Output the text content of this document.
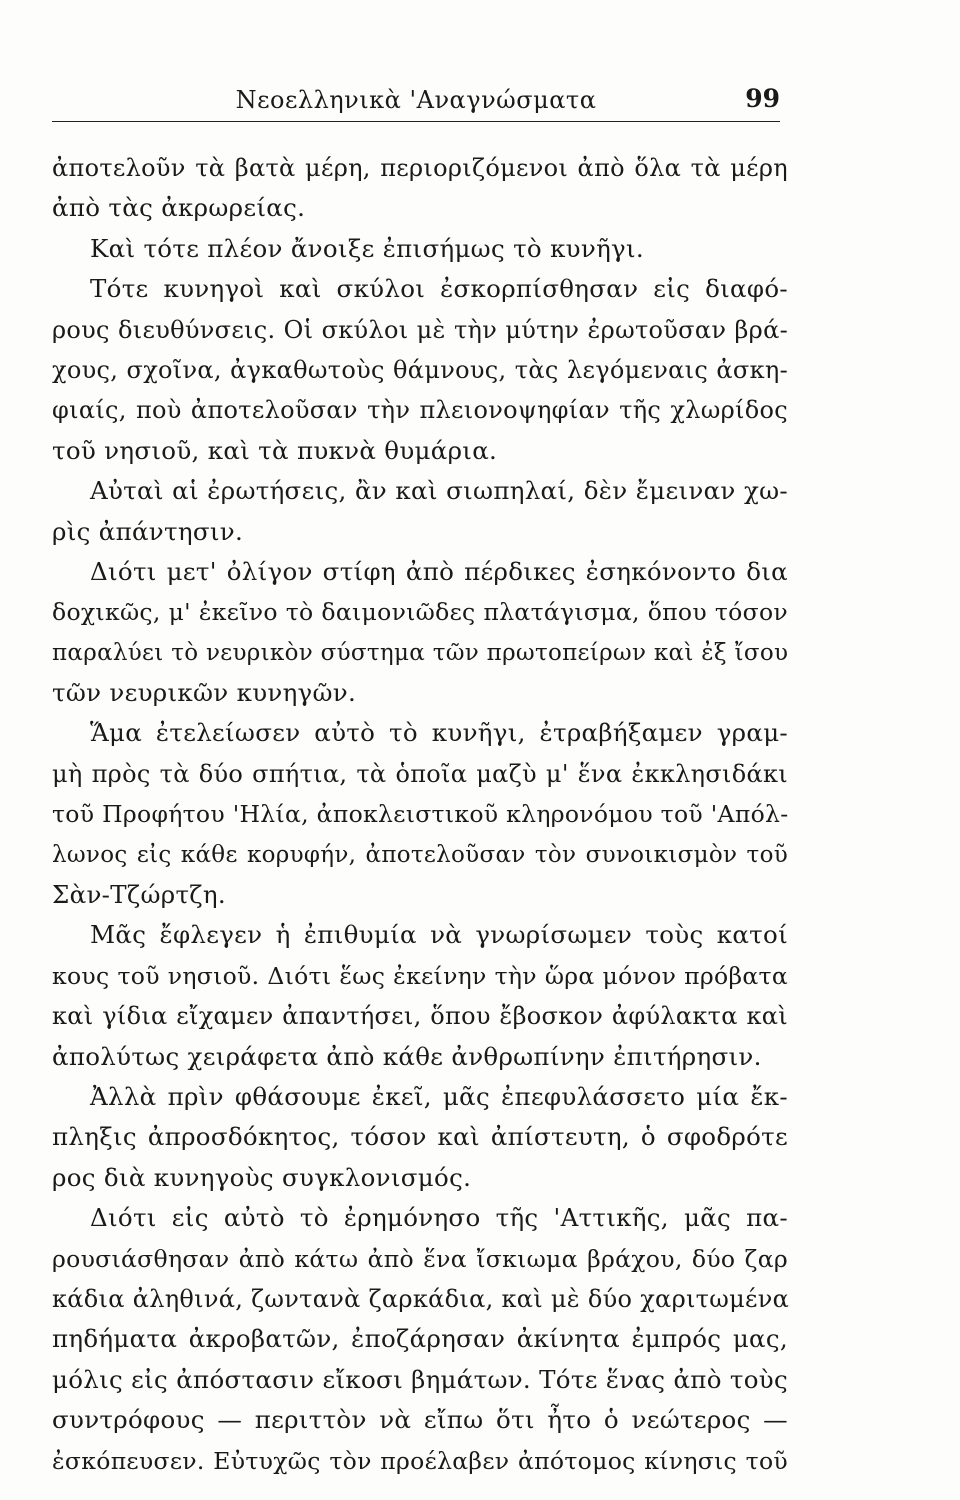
Νεοελληνικὰ 'Αναγνώσματα	99
ἀποτελοῦν τὰ βατὰ μέρη, περιοριζόμενοι ἀπὸ ὅλα τὰ μέρη
ἀπὸ τὰς ἀκρωρείας.
Καὶ τότε πλέον ἄνοιξε ἐπισήμως τὸ κυνῆγι.
Τότε κυνηγοὶ καὶ σκύλοι ἐσκορπίσθησαν εἰς διαφό-
ρους διευθύνσεις. Οἱ σκύλοι μὲ τὴν μύτην ἐρωτοῦσαν βρά-
χους, σχοῖνα, ἀγκαθωτοὺς θάμνους, τὰς λεγόμεναις ἀσκη-
φιαίς, ποὺ ἀποτελοῦσαν τὴν πλειονοψηφίαν τῆς χλωρίδος
τοῦ νησιοῦ, καὶ τὰ πυκνὰ θυμάρια.
Αὐταὶ αἱ ἐρωτήσεις, ἂν καὶ σιωπηλαί, δὲν ἔμειναν χω-
ρὶς ἀπάντησιν.
Διότι μετ' ὀλίγον στίφη ἀπὸ πέρδικες ἐσηκόνοντο δια
δοχικῶς, μ' ἐκεῖνο τὸ δαιμονιῶδες πλατάγισμα, ὅπου τόσον
παραλύει τὸ νευρικὸν σύστημα τῶν πρωτοπείρων καὶ ἐξ ἴσου
τῶν νευρικῶν κυνηγῶν.
Ἅμα ἐτελείωσεν αὐτὸ τὸ κυνῆγι, ἐτραβήξαμεν γραμ-
μὴ πρὸς τὰ δύο σπήτια, τὰ ὁποῖα μαζὺ μ' ἕνα ἐκκλησιδάκι
τοῦ Προφήτου 'Ηλία, ἀποκλειστικοῦ κληρονόμου τοῦ 'Απόλ-
λωνος εἰς κάθε κορυφήν, ἀποτελοῦσαν τὸν συνοικισμὸν τοῦ
Σὰν-Τζώρτζη.
Μᾶς ἔφλεγεν ἡ ἐπιθυμία νὰ γνωρίσωμεν τοὺς κατοί
κους τοῦ νησιοῦ. Διότι ἕως ἐκείνην τὴν ὥρα μόνον πρόβατα
καὶ γίδια εἴχαμεν ἀπαντήσει, ὅπου ἔβοσκον ἀφύλακτα καὶ
ἀπολύτως χειράφετα ἀπὸ κάθε ἀνθρωπίνην ἐπιτήρησιν.
Ἀλλὰ πρὶν φθάσουμε ἐκεῖ, μᾶς ἐπεφυλάσσετο μία ἔκ-
πληξις ἀπροσδόκητος, τόσον καὶ ἀπίστευτη, ὁ σφοδρότε
ρος διὰ κυνηγοὺς συγκλονισμός.
Διότι εἰς αὐτὸ τὸ ἐρημόνησο τῆς 'Αττικῆς, μᾶς πα-
ρουσιάσθησαν ἀπὸ κάτω ἀπὸ ἕνα ἴσκιωμα βράχου, δύο ζαρ
κάδια ἀληθινά, ζωντανὰ ζαρκάδια, καὶ μὲ δύο χαριτωμένα
πηδήματα ἀκροβατῶν, ἐποζάρησαν ἀκίνητα ἐμπρός μας,
μόλις εἰς ἀπόστασιν εἴκοσι βημάτων. Τότε ἕνας ἀπὸ τοὺς
συντρόφους — περιττὸν νὰ εἴπω ὅτι ἦτο ὁ νεώτερος —
ἐσκόπευσεν. Εὐτυχῶς τὸν προέλαβεν ἀπότομος κίνησις τοῦ
